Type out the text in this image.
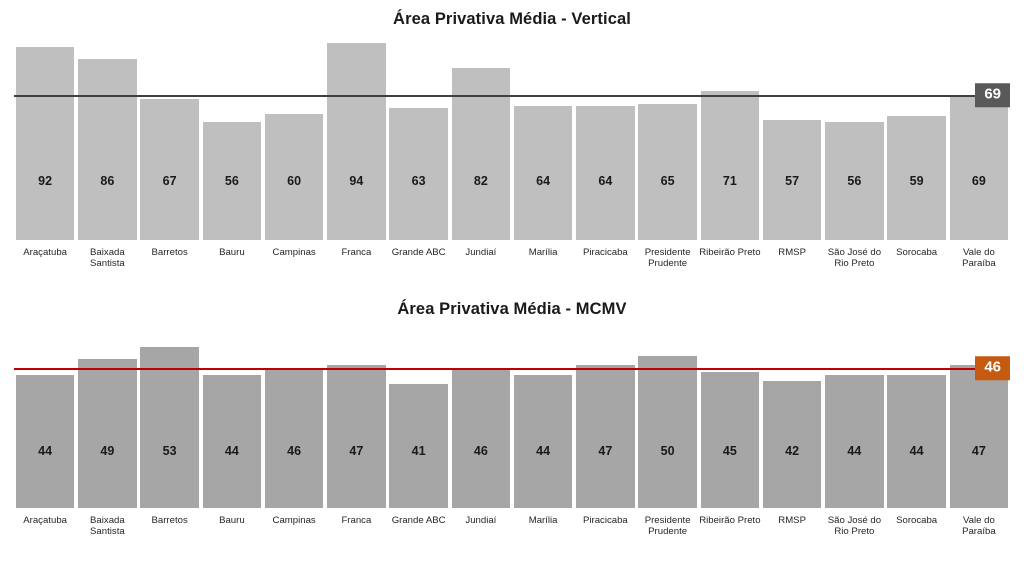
Área Privativa Média - Vertical
92	86	67	56	60	94	63	82	64	64	65	71	57	56	59	69
69
Araçatuba	Baixada Santista
Barretos	Bauru	Campinas	Franca	Grande ABC	Jundiaí	Marília	Piracicaba	Presidente Prudente
Ribeirão Preto	RMSP	São José do Rio Preto
Sorocaba	Vale do Paraíba
Área Privativa Média - MCMV
44	49	53	44	46	47	41	46	44	47	50	45	42	44	44	47
46
Araçatuba	Baixada Santista
Barretos	Bauru	Campinas	Franca	Grande ABC	Jundiaí	Marília	Piracicaba	Presidente Prudente
Ribeirão Preto	RMSP	São José do Rio Preto
Sorocaba	Vale do Paraíba
